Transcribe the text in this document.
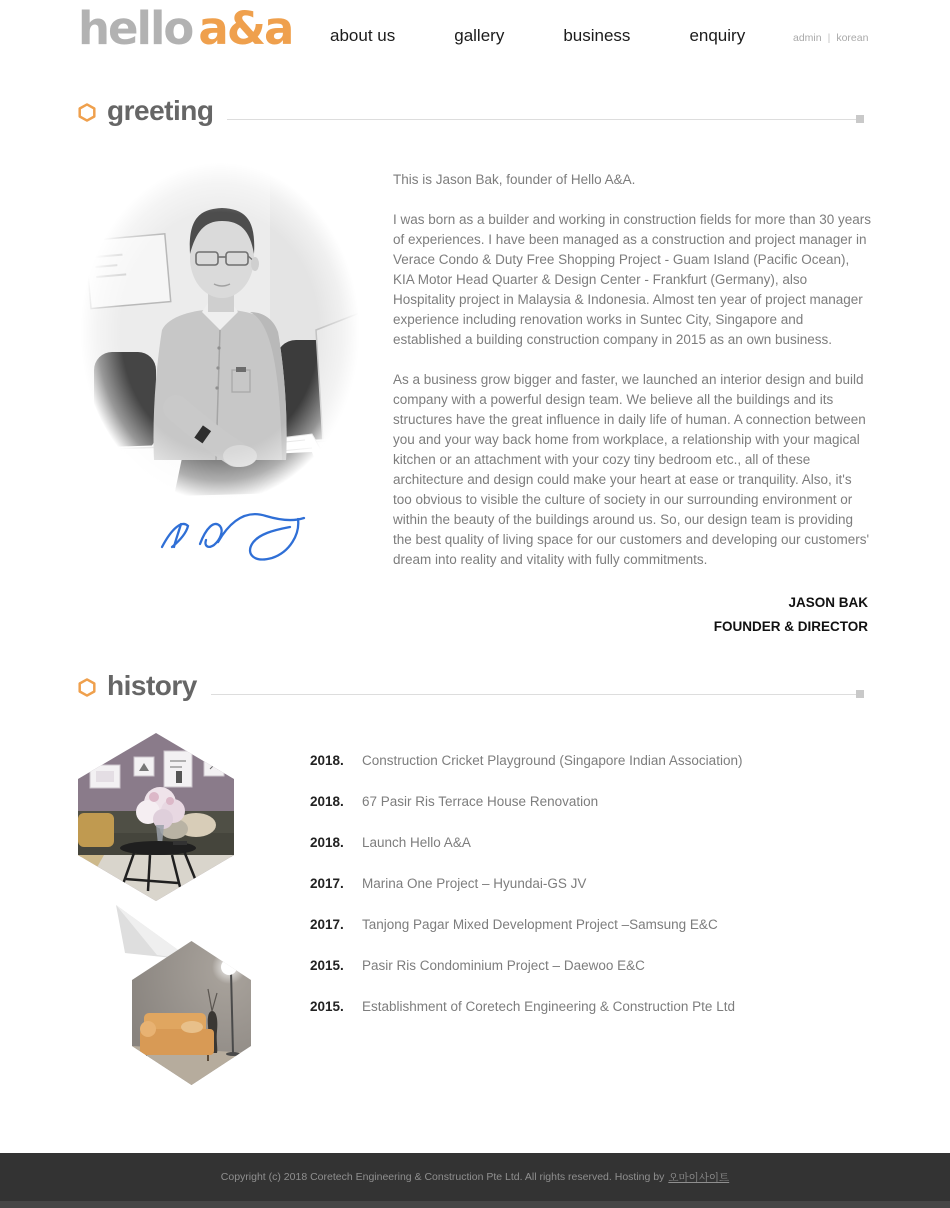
hello a&a about us	gallery	business	enquiry	admin | korean
greeting

This is Jason Bak, founder of Hello A&A.

I was born as a builder and working in construction fields for more than 30 years of experiences. I have been managed as a construction and project manager in Verace Condo & Duty Free Shopping Project - Guam Island (Pacific Ocean), KIA Motor Head Quarter & Design Center - Frankfurt (Germany), also Hospitality project in Malaysia & Indonesia. Almost ten year of project manager experience including renovation works in Suntec City, Singapore and established a building construction company in 2015 as an own business.

As a business grow bigger and faster, we launched an interior design and build company with a powerful design team. We believe all the buildings and its structures have the great influence in daily life of human. A connection between you and your way back home from workplace, a relationship with your magical kitchen or an attachment with your cozy tiny bedroom etc., all of these architecture and design could make your heart at ease or tranquility. Also, it's too obvious to visible the culture of society in our surrounding environment or within the beauty of the buildings around us. So, our design team is providing the best quality of living space for our customers and developing our customers' dream into reality and vitality with fully commitments.

JASON BAK
FOUNDER & DIRECTOR
history
2018. Construction Cricket Playground (Singapore Indian Association)
2018. 67 Pasir Ris Terrace House Renovation
2018. Launch Hello A&A
2017. Marina One Project – Hyundai-GS JV
2017. Tanjong Pagar Mixed Development Project –Samsung E&C
2015. Pasir Ris Condominium Project – Daewoo E&C
2015. Establishment of Coretech Engineering & Construction Pte Ltd
Copyright (c) 2018 Coretech Engineering & Construction Pte Ltd. All rights reserved. Hosting by 오마이사이트
